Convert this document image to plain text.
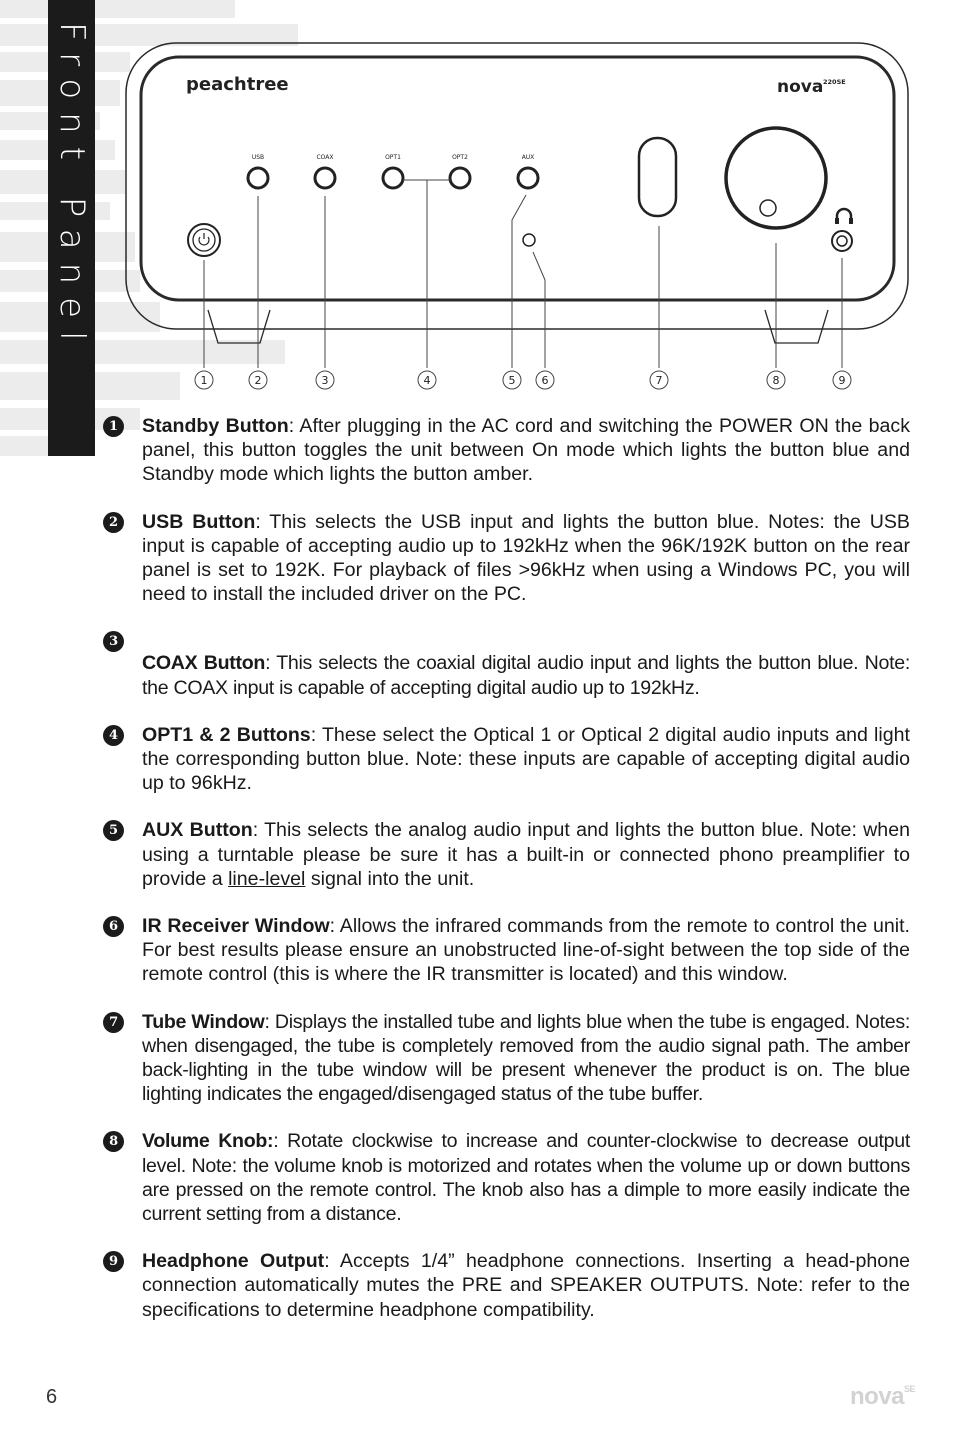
Front Panel	peachtree	nova 220SE
USB	COAX	OPT1	OPT2	AUX
1	2	3	4	5 6	7	8	9
1	Standby Button: After plugging in the AC cord and switching the POWER ON the back panel, this button toggles the unit between On mode which lights the button blue and Standby mode which lights the button amber.
2	USB Button: This selects the USB input and lights the button blue. Notes: the USB input is capable of accepting audio up to 192kHz when the 96K/192K button on the rear panel is set to 192K. For playback of files >96kHz when using a Windows PC, you will need to install the included driver on the PC.
3
COAX Button: This selects the coaxial digital audio input and lights the button blue. Note: the COAX input is capable of accepting digital audio up to 192kHz.
4	OPT1 & 2 Buttons: These select the Optical 1 or Optical 2 digital audio inputs and light the corresponding button blue. Note: these inputs are capable of accepting digital audio up to 96kHz.
5	AUX Button: This selects the analog audio input and lights the button blue. Note: when using a turntable please be sure it has a built-in or connected phono preamplifier to provide a line-level signal into the unit.
6	IR Receiver Window: Allows the infrared commands from the remote to control the unit. For best results please ensure an unobstructed line-of-sight between the top side of the remote control (this is where the IR transmitter is located) and this window.
7	Tube Window: Displays the installed tube and lights blue when the tube is engaged. Notes: when disengaged, the tube is completely removed from the audio signal path. The amber back-lighting in the tube window will be present whenever the product is on. The blue lighting indicates the engaged/disengaged status of the tube buffer.
8	Volume Knob:: Rotate clockwise to increase and counter-clockwise to decrease output level. Note: the volume knob is motorized and rotates when the volume up or down buttons are pressed on the remote control. The knob also has a dimple to more easily indicate the current setting from a distance.
9	Headphone Output: Accepts 1/4” headphone connections. Inserting a head-phone connection automatically mutes the PRE and SPEAKER OUTPUTS. Note: refer to the specifications to determine headphone compatibility.
6	nova$^{SE}$
